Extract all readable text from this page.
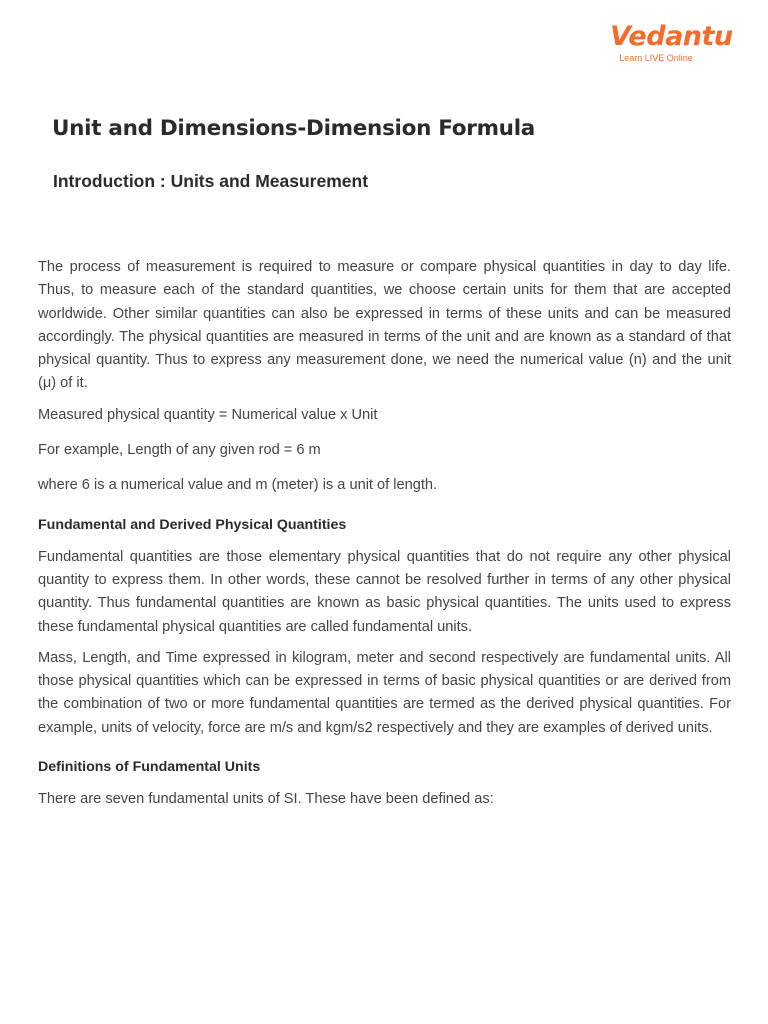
Vedantu
Learn LIVE Online
Unit and Dimensions-Dimension Formula
Introduction : Units and Measurement

The process of measurement is required to measure or compare physical quantities in day to day life. Thus, to measure each of the standard quantities, we choose certain units for them that are accepted worldwide. Other similar quantities can also be expressed in terms of these units and can be measured accordingly. The physical quantities are measured in terms of the unit and are known as a standard of that physical quantity. Thus to express any measurement done, we need the numerical value (n) and the unit (μ) of it.

Measured physical quantity = Numerical value x Unit

For example, Length of any given rod = 6 m

where 6 is a numerical value and m (meter) is a unit of length.

Fundamental and Derived Physical Quantities

Fundamental quantities are those elementary physical quantities that do not require any other physical quantity to express them. In other words, these cannot be resolved further in terms of any other physical quantity. Thus fundamental quantities are known as basic physical quantities. The units used to express these fundamental physical quantities are called fundamental units.

Mass, Length, and Time expressed in kilogram, meter and second respectively are fundamental units. All those physical quantities which can be expressed in terms of basic physical quantities or are derived from the combination of two or more fundamental quantities are termed as the derived physical quantities. For example, units of velocity, force are m/s and kgm/s2 respectively and they are examples of derived units.

Definitions of Fundamental Units

There are seven fundamental units of SI. These have been defined as:
